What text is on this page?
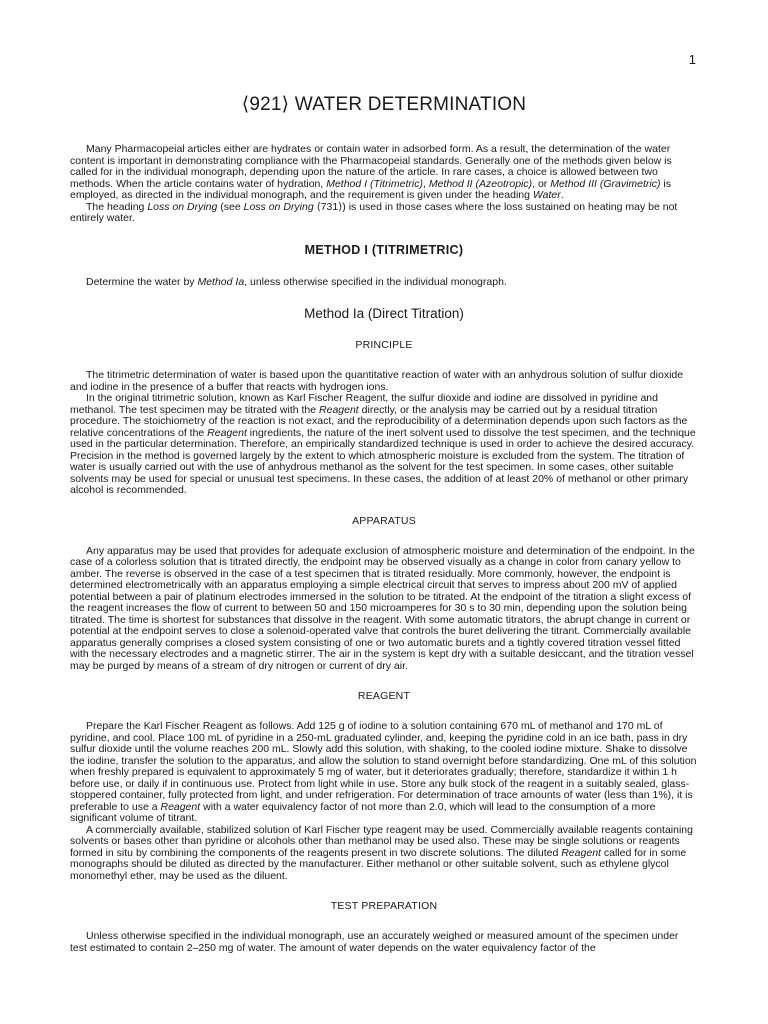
1
⟨921⟩ WATER DETERMINATION

Many Pharmacopeial articles either are hydrates or contain water in adsorbed form. As a result, the determination of the water content is important in demonstrating compliance with the Pharmacopeial standards. Generally one of the methods given below is called for in the individual monograph, depending upon the nature of the article. In rare cases, a choice is allowed between two methods. When the article contains water of hydration, Method I (Titrimetric), Method II (Azeotropic), or Method III (Gravimetric) is employed, as directed in the individual monograph, and the requirement is given under the heading Water.

The heading Loss on Drying (see Loss on Drying ⟨731⟩) is used in those cases where the loss sustained on heating may be not entirely water.

METHOD I (TITRIMETRIC)

Determine the water by Method Ia, unless otherwise specified in the individual monograph.

Method Ia (Direct Titration)
PRINCIPLE

The titrimetric determination of water is based upon the quantitative reaction of water with an anhydrous solution of sulfur dioxide and iodine in the presence of a buffer that reacts with hydrogen ions.

In the original titrimetric solution, known as Karl Fischer Reagent, the sulfur dioxide and iodine are dissolved in pyridine and methanol. The test specimen may be titrated with the Reagent directly, or the analysis may be carried out by a residual titration procedure. The stoichiometry of the reaction is not exact, and the reproducibility of a determination depends upon such factors as the relative concentrations of the Reagent ingredients, the nature of the inert solvent used to dissolve the test specimen, and the technique used in the particular determination. Therefore, an empirically standardized technique is used in order to achieve the desired accuracy. Precision in the method is governed largely by the extent to which atmospheric moisture is excluded from the system. The titration of water is usually carried out with the use of anhydrous methanol as the solvent for the test specimen. In some cases, other suitable solvents may be used for special or unusual test specimens. In these cases, the addition of at least 20% of methanol or other primary alcohol is recommended.

APPARATUS

Any apparatus may be used that provides for adequate exclusion of atmospheric moisture and determination of the endpoint. In the case of a colorless solution that is titrated directly, the endpoint may be observed visually as a change in color from canary yellow to amber. The reverse is observed in the case of a test specimen that is titrated residually. More commonly, however, the endpoint is determined electrometrically with an apparatus employing a simple electrical circuit that serves to impress about 200 mV of applied potential between a pair of platinum electrodes immersed in the solution to be titrated. At the endpoint of the titration a slight excess of the reagent increases the flow of current to between 50 and 150 microamperes for 30 s to 30 min, depending upon the solution being titrated. The time is shortest for substances that dissolve in the reagent. With some automatic titrators, the abrupt change in current or potential at the endpoint serves to close a solenoid-operated valve that controls the buret delivering the titrant. Commercially available apparatus generally comprises a closed system consisting of one or two automatic burets and a tightly covered titration vessel fitted with the necessary electrodes and a magnetic stirrer. The air in the system is kept dry with a suitable desiccant, and the titration vessel may be purged by means of a stream of dry nitrogen or current of dry air.

REAGENT

Prepare the Karl Fischer Reagent as follows. Add 125 g of iodine to a solution containing 670 mL of methanol and 170 mL of pyridine, and cool. Place 100 mL of pyridine in a 250-mL graduated cylinder, and, keeping the pyridine cold in an ice bath, pass in dry sulfur dioxide until the volume reaches 200 mL. Slowly add this solution, with shaking, to the cooled iodine mixture. Shake to dissolve the iodine, transfer the solution to the apparatus, and allow the solution to stand overnight before standardizing. One mL of this solution when freshly prepared is equivalent to approximately 5 mg of water, but it deteriorates gradually; therefore, standardize it within 1 h before use, or daily if in continuous use. Protect from light while in use. Store any bulk stock of the reagent in a suitably sealed, glass-stoppered container, fully protected from light, and under refrigeration. For determination of trace amounts of water (less than 1%), it is preferable to use a Reagent with a water equivalency factor of not more than 2.0, which will lead to the consumption of a more significant volume of titrant.

A commercially available, stabilized solution of Karl Fischer type reagent may be used. Commercially available reagents containing solvents or bases other than pyridine or alcohols other than methanol may be used also. These may be single solutions or reagents formed in situ by combining the components of the reagents present in two discrete solutions. The diluted Reagent called for in some monographs should be diluted as directed by the manufacturer. Either methanol or other suitable solvent, such as ethylene glycol monomethyl ether, may be used as the diluent.

TEST PREPARATION

Unless otherwise specified in the individual monograph, use an accurately weighed or measured amount of the specimen under test estimated to contain 2–250 mg of water. The amount of water depends on the water equivalency factor of the
